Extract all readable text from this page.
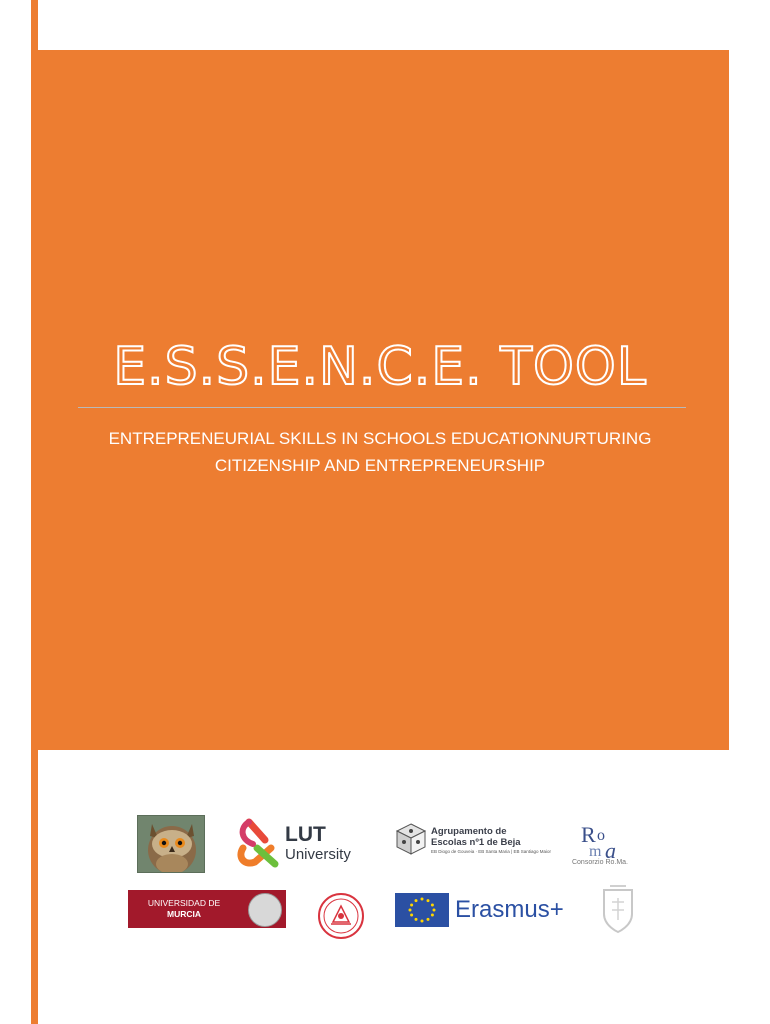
E.S.S.E.N.C.E. TOOL
ENTREPRENEURIAL SKILLS IN SCHOOLS EDUCATIONNURTURING
CITIZENSHIP AND ENTREPRENEURSHIP
LUT
University
Agrupamento de
Escolas nº1 de Beja
EB Diogo de Gouveia · EB Santa Maria | EB Santiago Maior
R o
m a
Consorzio Ro.Ma.
UNIVERSIDAD DE
MURCIA	Erasmus+
